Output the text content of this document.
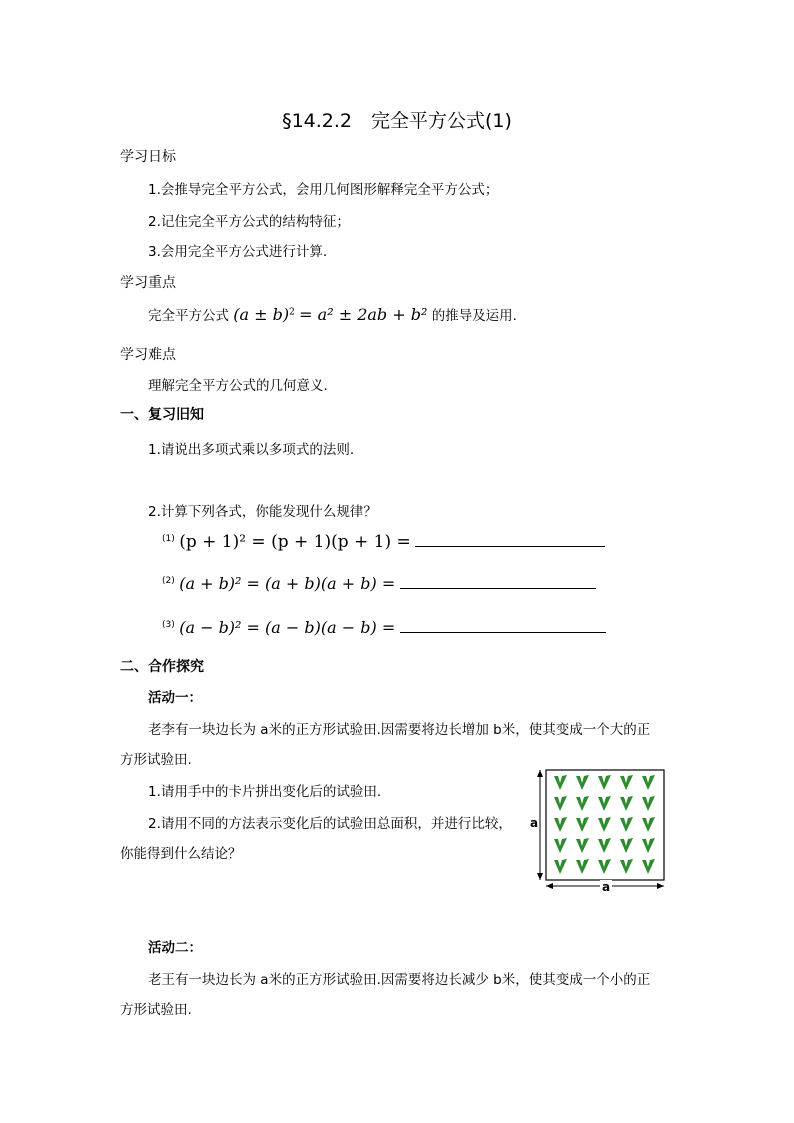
§14.2.2　完全平方公式(1)
学习日标
1.会推导完全平方公式，会用几何图形解释完全平方公式；
2.记住完全平方公式的结构特征；
3.会用完全平方公式进行计算.
学习重点
完全平方公式 $(a \pm b)^2 = a^2 \pm 2ab + b^2$ 的推导及运用.
学习难点
理解完全平方公式的几何意义.
一、复习旧知
1.请说出多项式乘以多项式的法则.
2.计算下列各式，你能发现什么规律？
$^{(1)}$ (p + 1)² = (p + 1)(p + 1) =
$^{(2)}$ (a + b)² = (a + b)(a + b) =
$^{(3)}$ (a − b)² = (a − b)(a − b) =
二、合作探究
活动一：
老李有一块边长为 a米的正方形试验田.因需要将边长增加 b米，使其变成一个大的正
方形试验田.
1.请用手中的卡片拼出变化后的试验田.
2.请用不同的方法表示变化后的试验田总面积，并进行比较，
你能得到什么结论？
a
a
活动二：
老王有一块边长为 a米的正方形试验田.因需要将边长减少 b米，使其变成一个小的正
方形试验田.
